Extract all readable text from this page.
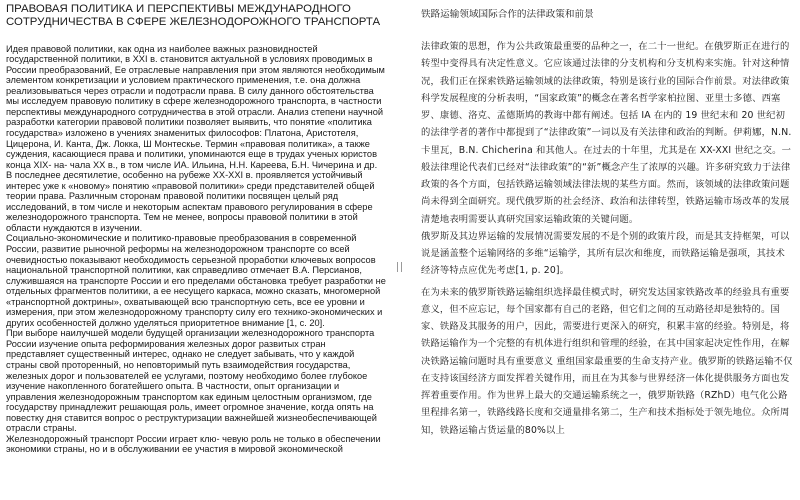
ПРАВОВАЯ ПОЛИТИКА И ПЕРСПЕКТИВЫ МЕЖДУНАРОДНОГО СОТРУДНИЧЕСТВА В СФЕРЕ ЖЕЛЕЗНОДОРОЖНОГО ТРАНСПОРТА

Идея правовой политики, как одна из наиболее важных разновидностей государственной политики, в XXI в. становится актуальной в условиях проводимых в России преобразований, Ее отраслевые направления при этом являются необходимым элементом конкретизации и условием практического применения, т.е. она должна реализовываться через отрасли и подотрасли права. В силу данного обстоятельства мы исследуем правовую политику в сфере железнодорожного транспорта, в частности перспективы международного сотрудничества в этой отрасли. Анализ степени научной разработки категории правовой политики позволяет выявить, что понятие «политика государства» изложено в учениях знаменитых философов: Платона, Аристотеля, Цицерона, И. Канта, Дж. Локка, Ш Монтескье. Термин «правовая политика», а также суждения, касающиеся права и политики, упоминаются еще в трудах ученых юристов конца XIX- на- чала XX в., в том числе ИА. Ильина, Н.Н. Кареева, Б.Н. Чичерина и др.

В последнее десятилетие, особенно на рубеже XX-XXI в. проявляется устойчивый интерес уже к «новому» понятию «правовой политики» среди представителей общей теории права. Различным сторонам правовой политики посвящен целый ряд исследований, в том числе и некоторым аспектам правового регулирования в сфере железнодорожного транспорта. Тем не менее, вопросы правовой политики в этой области нуждаются в изучении.

Социально-экономические и политико-правовые преобразования в современной России, развитие рыночной реформы на железнодорожном транспорте со всей очевидностью показывают необходимость серьезной проработки ключевых вопросов национальной транспортной политики, как справедливо отмечает В.А. Персианов, служившаяся на транспорте России и его пределами обстановка требует разработки не отдельных фрагментов политики, а ее несущего каркаса, можно сказать, многомерной «транспортной доктрины», охватывающей всю транспортную сеть, все ее уровни и измерения, при этом железнодорожному транспорту силу его технико-экономических и других особенностей должно уделяться приоритетное внимание [1, с. 20].

При выборе наилучшей модели будущей организации железнодорожного транспорта России изучение опыта реформирования железных дорог развитых стран представляет существенный интерес, однако не следует забывать, что у каждой страны свой проторенный, но неповторимый путь взаимодействия государства, железных дорог и пользователей ее услугами, поэтому необходимо более глубокое изучение накопленного богатейшего опыта. В частности, опыт организации и управления железнодорожным транспортом как единым целостным организмом, где государству принадлежит решающая роль, имеет огромное значение, когда опять на повестку дня ставится вопрос о реструктуризации важнейшей жизнеобеспечивающей отрасли страны.

Железнодорожный транспорт России играет клю- чевую роль не только в обеспечении экономики страны, но и в обслуживании ее участия в мировой экономической

铁路运输领域国际合作的法律政策和前景

法律政策的思想，作为公共政策最重要的品种之一，在二十一世纪。在俄罗斯正在进行的转型中变得具有决定性意义。它应该通过法律的分支机构和分支机构来实施。针对这种情况，我们正在探索铁路运输领域的法律政策，特别是该行业的国际合作前景。对法律政策科学发展程度的分析表明，“国家政策”的概念在著名哲学家柏拉图、亚里士多德、西塞罗、康德、洛克、孟德斯鸠的教诲中都有阐述。包括 IA 在内的 19 世纪末和 20 世纪初的法律学者的著作中都提到了“法律政策”一词以及有关法律和政治的判断。伊莉娜，N.N.

卡里瓦，B.N. Chicherina 和其他人。在过去的十年里，尤其是在 XX-XXI 世纪之交。一般法律理论代表们已经对“法律政策”的“新”概念产生了浓厚的兴趣。许多研究致力于法律政策的各个方面，包括铁路运输领域法律法规的某些方面。然而，该领域的法律政策问题尚未得到全面研究。现代俄罗斯的社会经济、政治和法律转型，铁路运输市场改革的发展清楚地表明需要认真研究国家运输政策的关键问题。

俄罗斯及其边界运输的发展情况需要发展的不是个别的政策片段，而是其支持框架，可以说是涵盖整个运输网络的多维“运输学，其所有层次和维度，而铁路运输是强项，其技术经济等特点应优先考虑[1, p. 20]。

在为未来的俄罗斯铁路运输组织选择最佳模式时，研究发达国家铁路改革的经验具有重要意义，但不应忘记，每个国家都有自己的老路，但它们之间的互动路径却是独特的。国家、铁路及其服务的用户，因此，需要进行更深入的研究，积累丰富的经验。特别是，将铁路运输作为一个完整的有机体进行组织和管理的经验，在其中国家起决定性作用，在解决铁路运输问题时具有重要意义 重组国家最重要的生命支持产业。俄罗斯的铁路运输不仅在支持该国经济方面发挥着关键作用，而且在为其参与世界经济一体化提供服务方面也发挥着重要作用。作为世界上最大的交通运输系统之一，俄罗斯铁路（RZhD）电气化公路里程排名第一，铁路线路长度和交通量排名第二，生产和技术指标处于领先地位。众所周知，铁路运输占货运量的80%以上
